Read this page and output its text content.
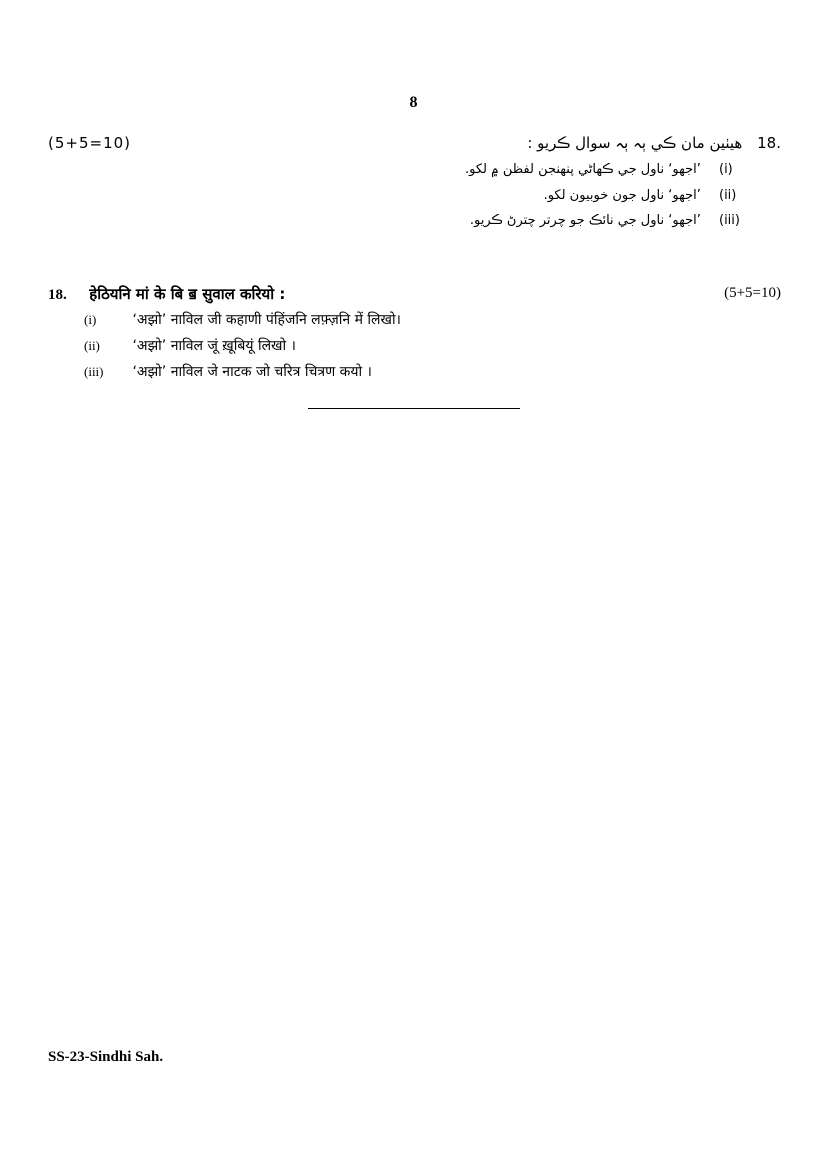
8
(5+5=10)	18. هيٺين مان ڪي ٻہ ٻہ سوال ڪريو :
(i) ’اجهو‘ ناول جي ڪهاڻي پنهنجن لفظن ۾ لکو.
(ii) ’اجهو‘ ناول جون خوبيون لکو.
(iii) ’اجهو‘ ناول جي نائڪ جو چرتر چترڻ ڪريو.
18. हेठियनि मां के बि ॿ सुवाल करियो :	(5+5=10)
(i)	‘अझो’ नाविल जी कहाणी पंहिंजनि लफ़्ज़नि में लिखो।
(ii) ‘अझो’ नाविल जूं ख़ूबियूं लिखो ।
(iii) ‘अझो’ नाविल जे नाटक जो चरित्र चित्रण कयो ।
SS-23-Sindhi Sah.
